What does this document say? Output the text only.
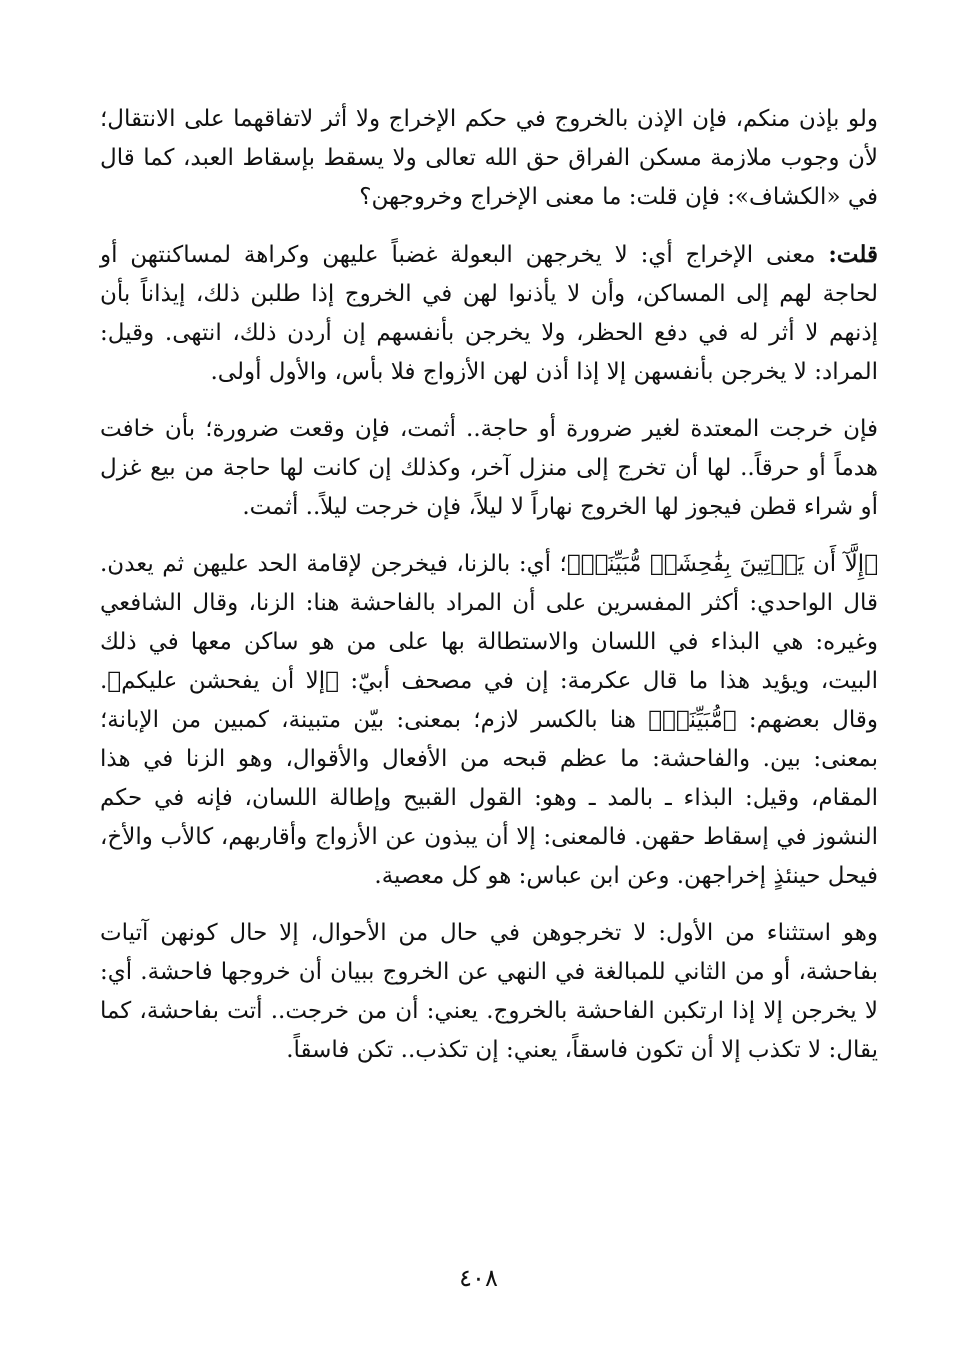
ولو بإذن منكم، فإن الإذن بالخروج في حكم الإخراج ولا أثر لاتفاقهما على الانتقال؛ لأن وجوب ملازمة مسكن الفراق حق الله تعالى ولا يسقط بإسقاط العبد، كما قال في «الكشاف»: فإن قلت: ما معنى الإخراج وخروجهن؟

قلت: معنى الإخراج أي: لا يخرجهن البعولة غضباً عليهن وكراهة لمساكنتهن أو لحاجة لهم إلى المساكن، وأن لا يأذنوا لهن في الخروج إذا طلبن ذلك، إيذاناً بأن إذنهم لا أثر له في دفع الحظر، ولا يخرجن بأنفسهم إن أردن ذلك، انتهى. وقيل: المراد: لا يخرجن بأنفسهن إلا إذا أذن لهن الأزواج فلا بأس، والأول أولى.

فإن خرجت المعتدة لغير ضرورة أو حاجة.. أثمت، فإن وقعت ضرورة؛ بأن خافت هدماً أو حرقاً.. لها أن تخرج إلى منزل آخر، وكذلك إن كانت لها حاجة من بيع غزل أو شراء قطن فيجوز لها الخروج نهاراً لا ليلاً، فإن خرجت ليلاً.. أثمت.

﴿إِلَّآ أَن يَأۡتِينَ بِفَٰحِشَةٖ مُّبَيِّنَةٖ﴾؛ أي: بالزنا، فيخرجن لإقامة الحد عليهن ثم يعدن. قال الواحدي: أكثر المفسرين على أن المراد بالفاحشة هنا: الزنا، وقال الشافعي وغيره: هي البذاء في اللسان والاستطالة بها على من هو ساكن معها في ذلك البيت، ويؤيد هذا ما قال عكرمة: إن في مصحف أبيّ: ﴿إلا أن يفحشن عليكم﴾. وقال بعضهم: ﴿مُّبَيِّنَةٖ﴾ هنا بالكسر لازم؛ بمعنى: بيّن متبينة، كمبين من الإبانة؛ بمعنى: بين. والفاحشة: ما عظم قبحه من الأفعال والأقوال، وهو الزنا في هذا المقام، وقيل: البذاء ـ بالمد ـ وهو: القول القبيح وإطالة اللسان، فإنه في حكم النشوز في إسقاط حقهن. فالمعنى: إلا أن يبذون عن الأزواج وأقاربهم، كالأب والأخ، فيحل حينئذٍ إخراجهن. وعن ابن عباس: هو كل معصية.

وهو استثناء من الأول: لا تخرجوهن في حال من الأحوال، إلا حال كونهن آتيات بفاحشة، أو من الثاني للمبالغة في النهي عن الخروج ببيان أن خروجها فاحشة. أي: لا يخرجن إلا إذا ارتكبن الفاحشة بالخروج. يعني: أن من خرجت.. أتت بفاحشة، كما يقال: لا تكذب إلا أن تكون فاسقاً، يعني: إن تكذب.. تكن فاسقاً.

٤٠٨
